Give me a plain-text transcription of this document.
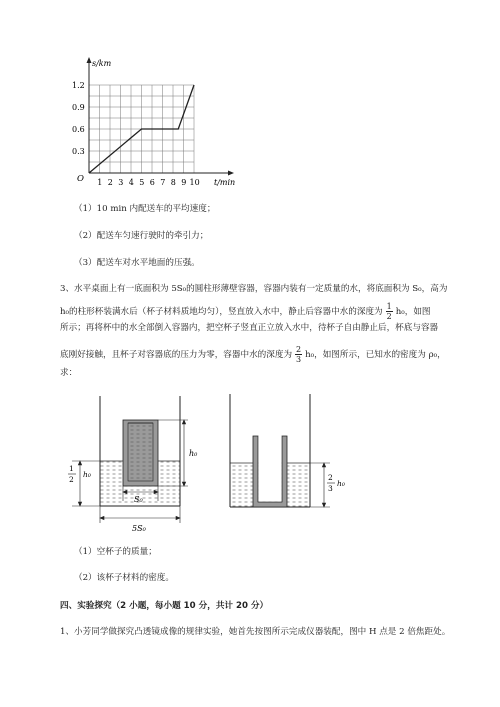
s/km
t/min
O
1.2
0.9
0.6
0.3
1 2 3 4 5 6 7 8 9 10
（1）10 min 内配送车的平均速度；
（2）配送车匀速行驶时的牵引力；
（3）配送车对水平地面的压强。
3、水平桌面上有一底面积为 5S₀的圆柱形薄壁容器，容器内装有一定质量的水，将底面积为 S₀，高为
h₀的柱形杯装满水后（杯子材料质地均匀），竖直放入水中，静止后容器中水的深度为 $\frac{1}{2} h_0$，如图
所示；再将杯中的水全部倒入容器内，把空杯子竖直正立放入水中，待杯子自由静止后，杯底与容器
底刚好接触，且杯子对容器底的压力为零，容器中水的深度为 $\frac{2}{3} h_0$，如图所示，已知水的密度为 ρ₀，
求：
h₀
1
2
h₀
S₀
5S₀
2
3
h₀
（1）空杯子的质量；
（2）该杯子材料的密度。
四、实验探究（2 小题，每小题 10 分，共计 20 分）
1、小芳同学做探究凸透镜成像的规律实验，她首先按图所示完成仪器装配，图中 H 点是 2 倍焦距处。
